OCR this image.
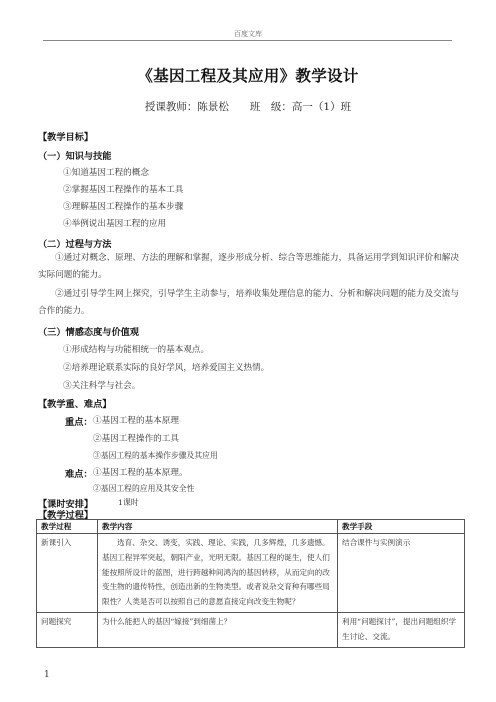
百度文库
《基因工程及其应用》教学设计
授课教师：陈景松　　班　级：高一（1）班
【教学目标】
（一）知识与技能
①知道基因工程的概念
②掌握基因工程操作的基本工具
③理解基因工程操作的基本步骤
④举例说出基因工程的应用
（二）过程与方法
①通过对概念、原理、方法的理解和掌握，逐步形成分析、综合等思维能力，具备运用学到知识评价和解决实际问题的能力。
②通过引导学生网上探究，引导学生主动参与，培养收集处理信息的能力、分析和解决问题的能力及交流与合作的能力。
（三）情感态度与价值观
①形成结构与功能相统一的基本观点。
②培养理论联系实际的良好学风，培养爱国主义热情。
③关注科学与社会。
【教学重、难点】
重点： ①基因工程的基本原理
②基因工程操作的工具
③基因工程的基本操作步骤及其应用
难点： ①基因工程的基本原理。
②基因工程的应用及其安全性
【课时安排】	1课时
【教学过程】
教学过程	教学内容	教学手段
新课引入	选育、杂交、诱变，实践、理论、实践，几多辉煌，几多遗憾。基因工程异军突起，朝阳产业，光明无限。基因工程的诞生，使人们能按照所设计的蓝图，进行跨越种间鸿沟的基因转移，从而定向的改变生物的遗传特性，创造出新的生物类型。或者说杂交育种有哪些局限性？人类是否可以按照自己的意愿直接定向改变生物呢？	结合课件与实例演示
问题探究	为什么能把人的基因“嫁接”到细菌上？	利用“问题探讨”，提出问题组织学生讨论、交流。
1
